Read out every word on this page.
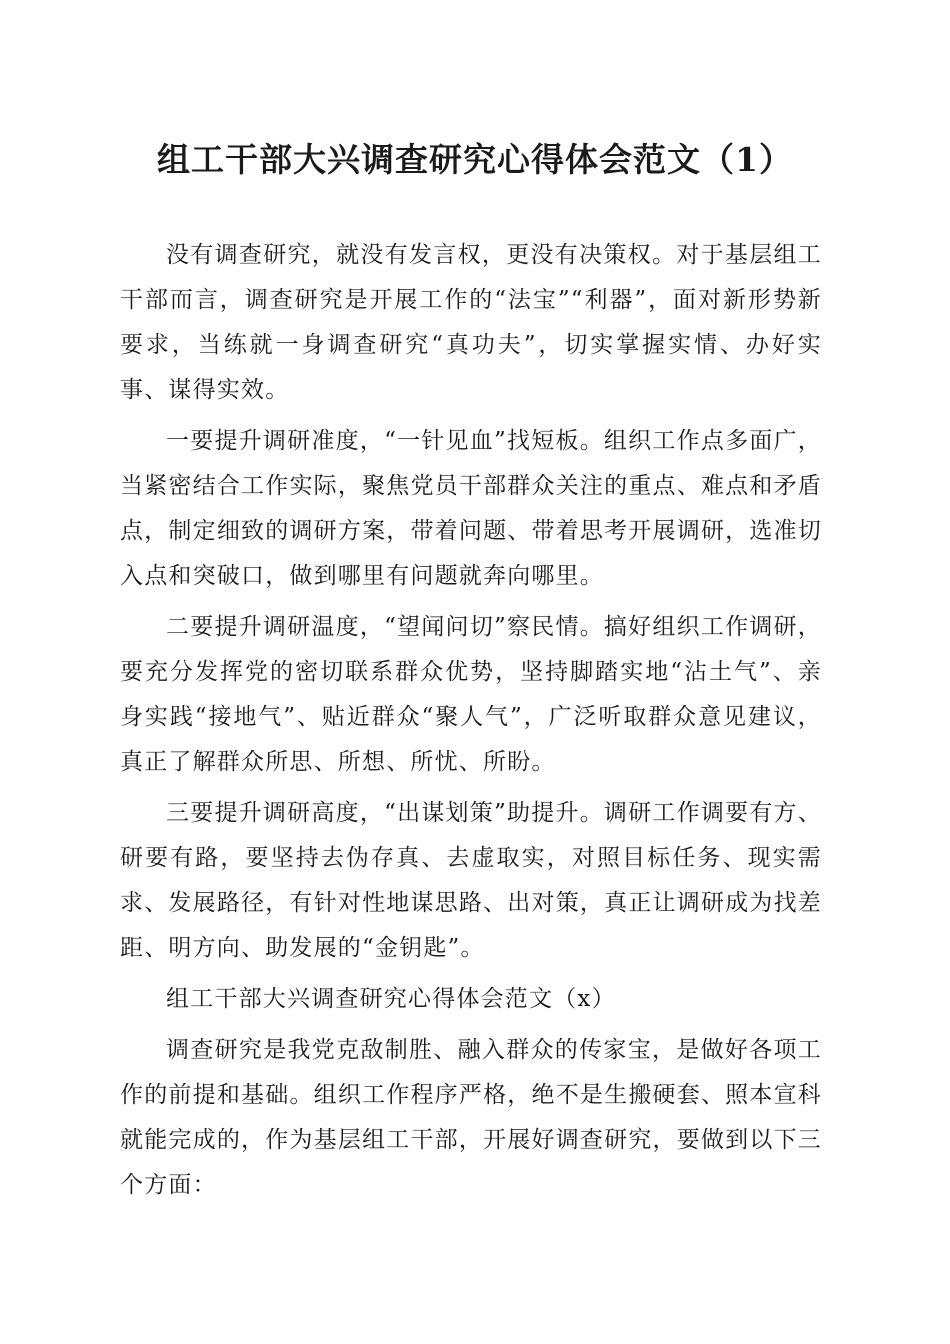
组工干部大兴调查研究心得体会范文（1）

没有调查研究，就没有发言权，更没有决策权。对于基层组工干部而言，调查研究是开展工作的“法宝”“利器”，面对新形势新要求，当练就一身调查研究“真功夫”，切实掌握实情、办好实事、谋得实效。

一要提升调研准度，“一针见血”找短板。组织工作点多面广，当紧密结合工作实际，聚焦党员干部群众关注的重点、难点和矛盾点，制定细致的调研方案，带着问题、带着思考开展调研，选准切入点和突破口，做到哪里有问题就奔向哪里。

二要提升调研温度，“望闻问切”察民情。搞好组织工作调研，要充分发挥党的密切联系群众优势，坚持脚踏实地“沾土气”、亲身实践“接地气”、贴近群众“聚人气”，广泛听取群众意见建议，真正了解群众所思、所想、所忧、所盼。

三要提升调研高度，“出谋划策”助提升。调研工作调要有方、研要有路，要坚持去伪存真、去虚取实，对照目标任务、现实需求、发展路径，有针对性地谋思路、出对策，真正让调研成为找差距、明方向、助发展的“金钥匙”。

组工干部大兴调查研究心得体会范文（x）

调查研究是我党克敌制胜、融入群众的传家宝，是做好各项工作的前提和基础。组织工作程序严格，绝不是生搬硬套、照本宣科就能完成的，作为基层组工干部，开展好调查研究，要做到以下三个方面：
